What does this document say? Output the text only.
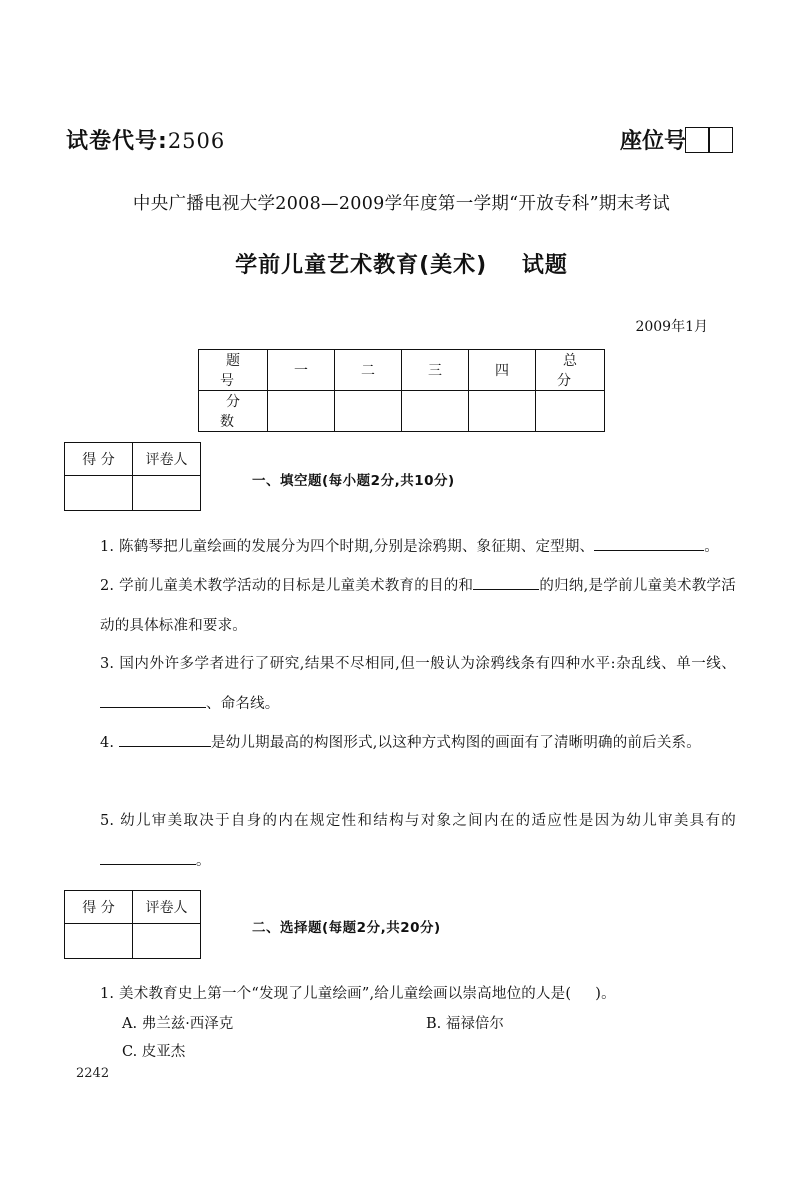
试卷代号:2506	座位号
中央广播电视大学2008—2009学年度第一学期“开放专科”期末考试
学前儿童艺术教育(美术)    试题
2009年1月
题 号	一	二	三	四	总 分
分 数					
得 分	评卷人

一、填空题(每小题2分,共10分)
1. 陈鹤琴把儿童绘画的发展分为四个时期,分别是涂鸦期、象征期、定型期、	。
2. 学前儿童美术教学活动的目标是儿童美术教育的目的和	的归纳,是学前儿童美术教学活动的具体标准和要求。
3. 国内外许多学者进行了研究,结果不尽相同,但一般认为涂鸦线条有四种水平:杂乱线、单一线、、命名线。
4.	是幼儿期最高的构图形式,以这种方式构图的画面有了清晰明确的前后关系。
5. 幼儿审美取决于自身的内在规定性和结构与对象之间内在的适应性是因为幼儿审美具有的。
得 分	评卷人

二、选择题(每题2分,共20分)
1. 美术教育史上第一个“发现了儿童绘画”,给儿童绘画以崇高地位的人是(     )。
A. 弗兰兹·西泽克	B. 福禄倍尔
C. 皮亚杰
2242
